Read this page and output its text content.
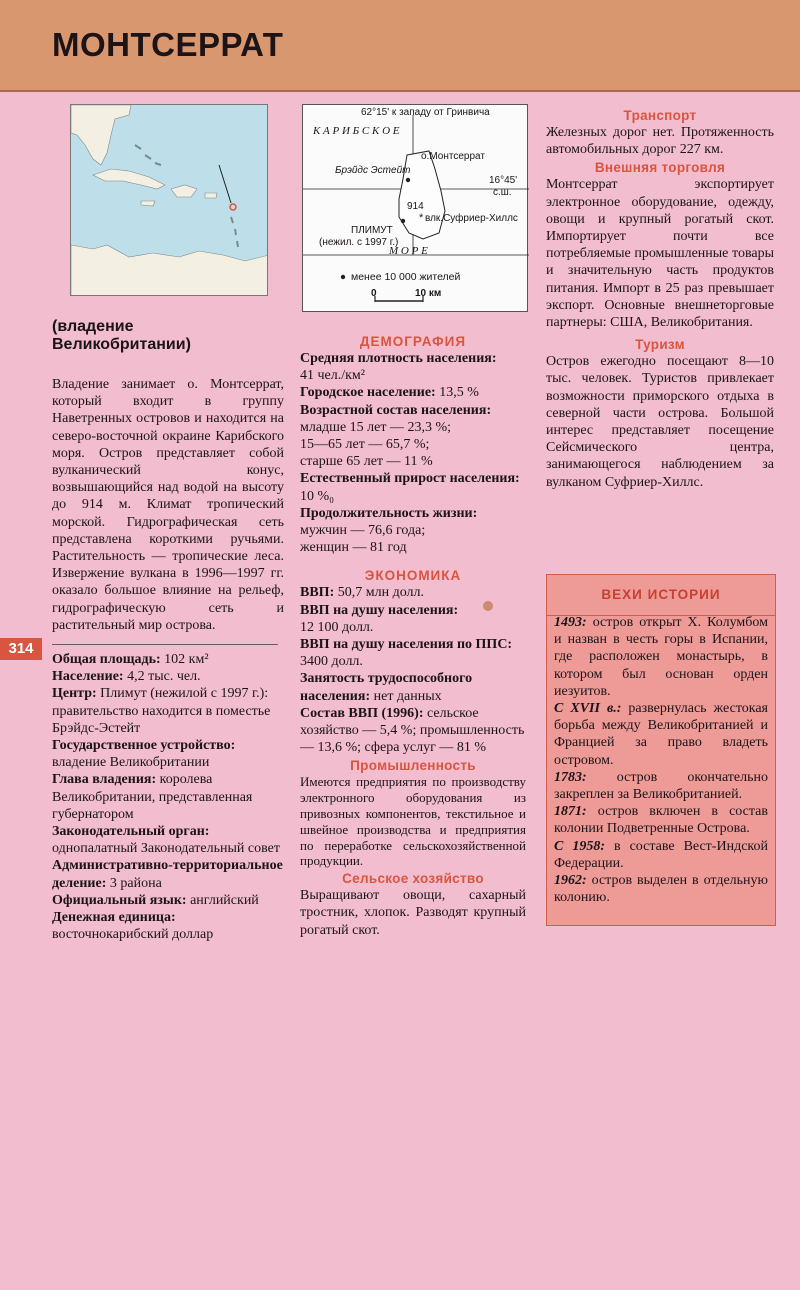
МОНТСЕРРАТ
*
62°15' к западу от Гринвича
К А Р И Б С К О Е
о.Монтсеррат
Брэйдс Эстейт
16°45'
с.ш.
914
влк.Суфриер-Хиллс
ПЛИМУТ
(нежил. с 1997 г.)
М О Р Е
менее 10 000 жителей
0	10 км
314
(владение
Великобритании)

Владение занимает о. Монтсеррат, который входит в группу Наветренных островов и находится на северо-восточной окраине Карибского моря. Остров представляет собой вулканический конус, возвышающийся над водой на высоту до 914 м. Климат тропический морской. Гидрографическая сеть представлена короткими ручьями. Растительность — тропические леса. Извержение вулкана в 1996—1997 гг. оказало большое влияние на рельеф, гидрографическую сеть и растительный мир острова.

Общая площадь: 102 км²

Население: 4,2 тыс. чел.

Центр: Плимут (нежилой с 1997 г.): правительство находится в поместье Брэйдс-Эстейт

Государственное устройство: владение Великобритании

Глава владения: королева Великобритании, представленная губернатором

Законодательный орган: однопалатный Законодательный совет

Административно-территориальное деление: 3 района

Официальный язык: английский

Денежная единица: восточнокарибский доллар

ДЕМОГРАФИЯ
Средняя плотность населения:
41 чел./км²
Городское население: 13,5 %
Возрастной состав населения:
младше 15 лет — 23,3 %;
15—65 лет — 65,7 %;
старше 65 лет — 11 %
Естественный прирост населения: 10 %₀
Продолжительность жизни:
мужчин — 76,6 года;
женщин — 81 год
ЭКОНОМИКА
ВВП: 50,7 млн долл.
ВВП на душу населения:
12 100 долл.
ВВП на душу населения по ППС: 3400 долл.
Занятость трудоспособного населения: нет данных
Состав ВВП (1996): сельское хозяйство — 5,4 %; промышленность — 13,6 %; сфера услуг — 81 %
Промышленность

Имеются предприятия по производству электронного оборудования из привозных компонентов, текстильное и швейное производства и предприятия по переработке сельскохозяйственной продукции.

Сельское хозяйство

Выращивают овощи, сахарный тростник, хлопок. Разводят крупный рогатый скот.

Транспорт

Железных дорог нет. Протяженность автомобильных дорог 227 км.

Внешняя торговля

Монтсеррат экспортирует электронное оборудование, одежду, овощи и крупный рогатый скот. Импортирует почти все потребляемые промышленные товары и значительную часть продуктов питания. Импорт в 25 раз превышает экспорт. Основные внешнеторговые партнеры: США, Великобритания.

Туризм

Остров ежегодно посещают 8—10 тыс. человек. Туристов привлекает возможности приморского отдыха в северной части острова. Большой интерес представляет посещение Сейсмического центра, занимающегося наблюдением за вулканом Суфриер-Хиллс.

ВЕХИ ИСТОРИИ

1493: остров открыт Х. Колумбом и назван в честь горы в Испании, где расположен монастырь, в котором был основан орден иезуитов.

С XVII в.: развернулась жестокая борьба между Великобританией и Францией за право владеть островом.

1783: остров окончательно закреплен за Великобританией.

1871: остров включен в состав колонии Подветренные Острова.

С 1958: в составе Вест-Индской Федерации.

1962: остров выделен в отдельную колонию.
